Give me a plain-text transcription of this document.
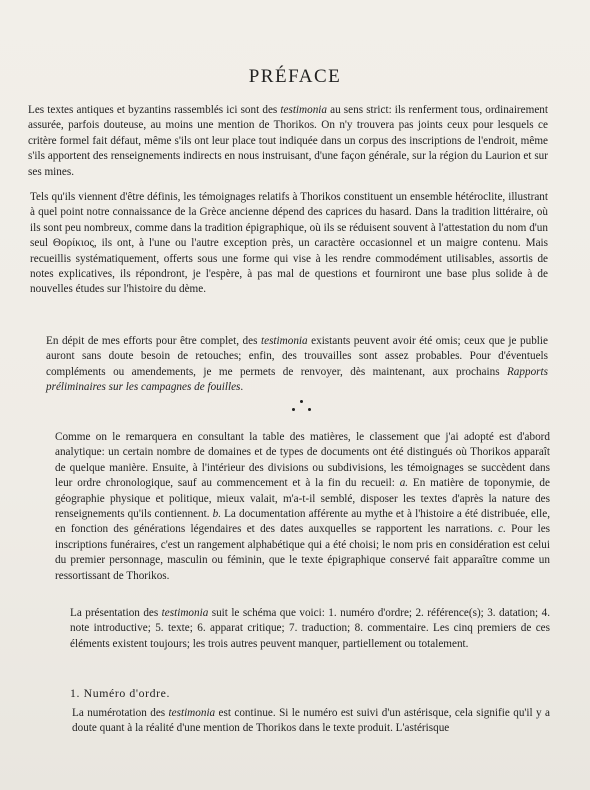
PRÉFACE

Les textes antiques et byzantins rassemblés ici sont des testimonia au sens strict: ils renferment tous, ordinairement assurée, parfois douteuse, au moins une mention de Thorikos. On n'y trouvera pas joints ceux pour lesquels ce critère formel fait défaut, même s'ils ont leur place tout indiquée dans un corpus des inscriptions de l'endroit, même s'ils apportent des renseignements indirects en nous instruisant, d'une façon générale, sur la région du Laurion et sur ses mines.

Tels qu'ils viennent d'être définis, les témoignages relatifs à Thorikos constituent un ensemble hétéroclite, illustrant à quel point notre connaissance de la Grèce ancienne dépend des caprices du hasard. Dans la tradition littéraire, où ils sont peu nombreux, comme dans la tradition épigraphique, où ils se réduisent souvent à l'attestation du nom d'un seul Θορίκιος, ils ont, à l'une ou l'autre exception près, un caractère occasionnel et un maigre contenu. Mais recueillis systématiquement, offerts sous une forme qui vise à les rendre commodément utilisables, assortis de notes explicatives, ils répondront, je l'espère, à pas mal de questions et fourniront une base plus solide à de nouvelles études sur l'histoire du dème.

En dépit de mes efforts pour être complet, des testimonia existants peuvent avoir été omis; ceux que je publie auront sans doute besoin de retouches; enfin, des trouvailles sont assez probables. Pour d'éventuels compléments ou amendements, je me permets de renvoyer, dès maintenant, aux prochains Rapports préliminaires sur les campagnes de fouilles.

Comme on le remarquera en consultant la table des matières, le classement que j'ai adopté est d'abord analytique: un certain nombre de domaines et de types de documents ont été distingués où Thorikos apparaît de quelque manière. Ensuite, à l'intérieur des divisions ou subdivisions, les témoignages se succèdent dans leur ordre chronologique, sauf au commencement et à la fin du recueil: a. En matière de toponymie, de géographie physique et politique, mieux valait, m'a-t-il semblé, disposer les textes d'après la nature des renseignements qu'ils contiennent. b. La documentation afférente au mythe et à l'histoire a été distribuée, elle, en fonction des générations légendaires et des dates auxquelles se rapportent les narrations. c. Pour les inscriptions funéraires, c'est un rangement alphabétique qui a été choisi; le nom pris en considération est celui du premier personnage, masculin ou féminin, que le texte épigraphique conservé fait apparaître comme un ressortissant de Thorikos.

La présentation des testimonia suit le schéma que voici: 1. numéro d'ordre; 2. référence(s); 3. datation; 4. note introductive; 5. texte; 6. apparat critique; 7. traduction; 8. commentaire. Les cinq premiers de ces éléments existent toujours; les trois autres peuvent manquer, partiellement ou totalement.

1. Numéro d'ordre.

La numérotation des testimonia est continue. Si le numéro est suivi d'un astérisque, cela signifie qu'il y a doute quant à la réalité d'une mention de Thorikos dans le texte produit. L'astérisque
